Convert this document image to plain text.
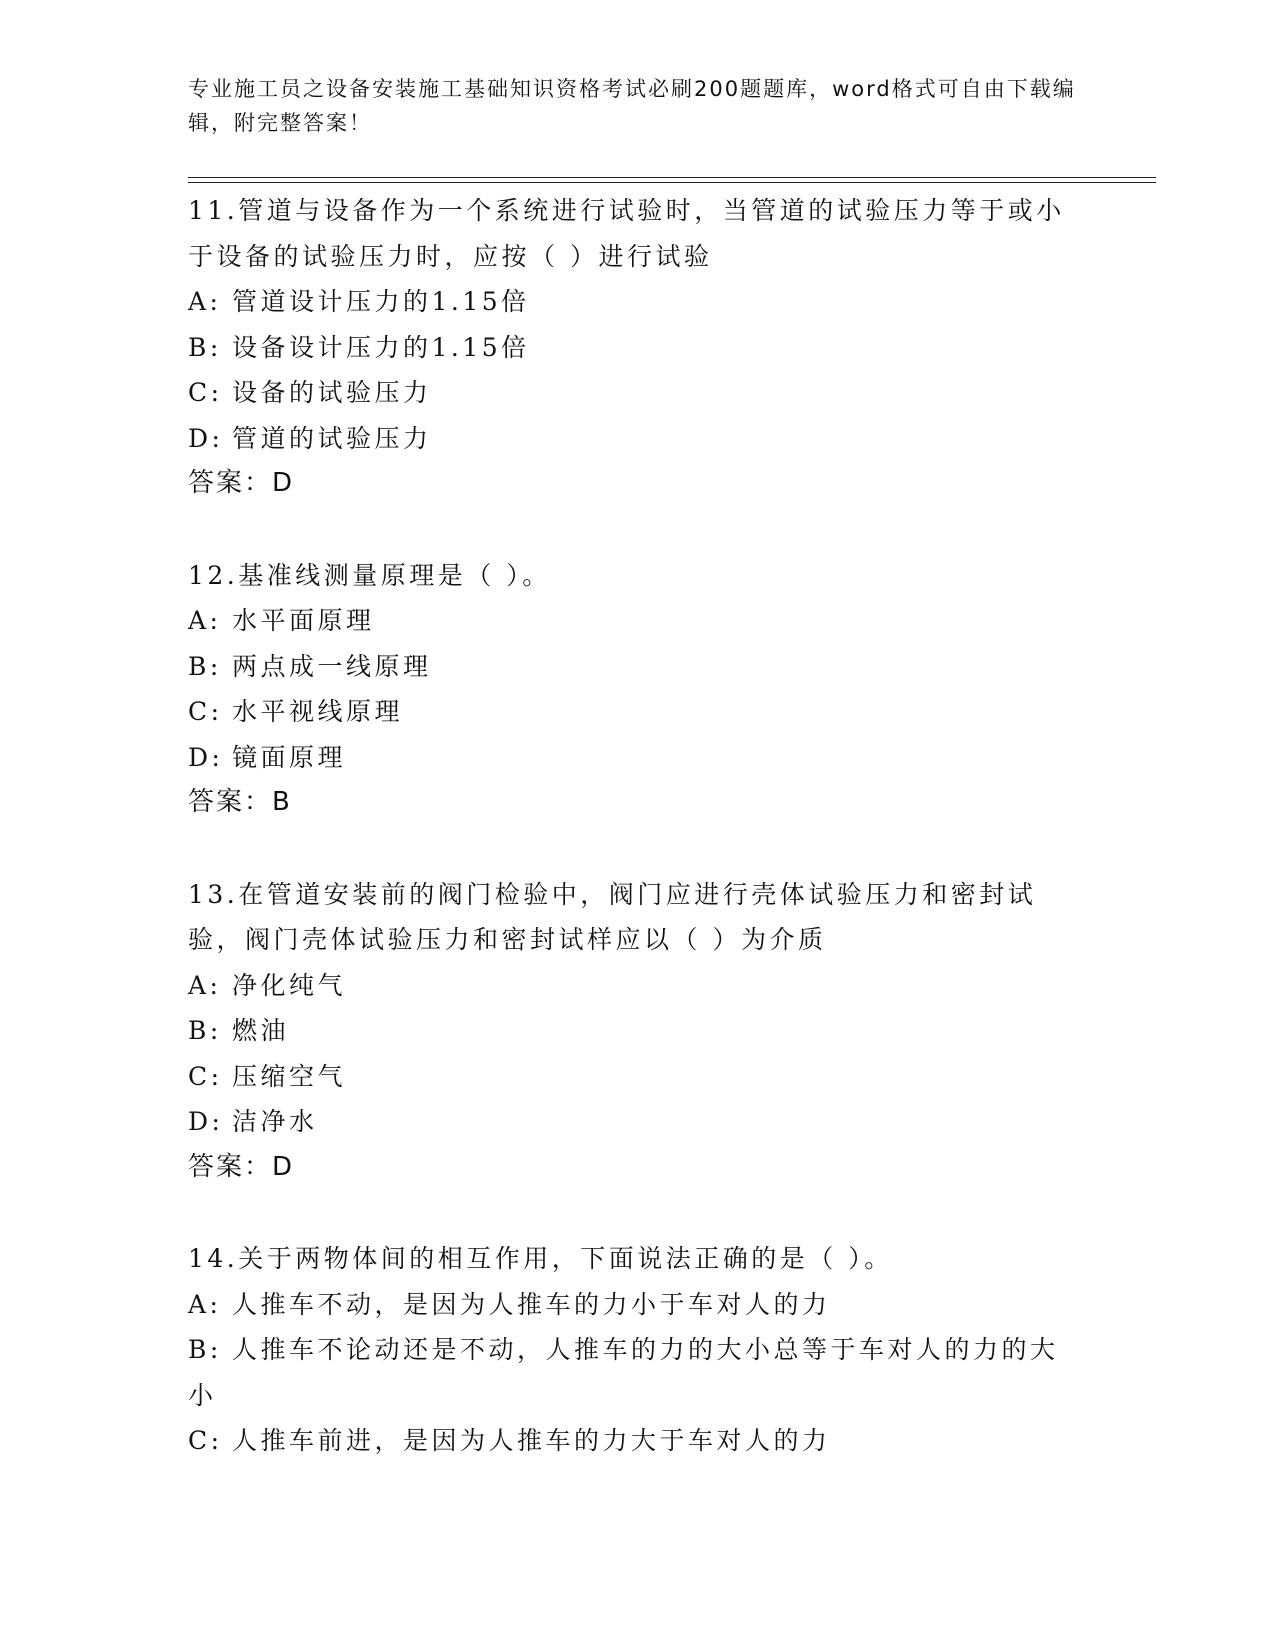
专业施工员之设备安装施工基础知识资格考试必刷200题题库，word格式可自由下载编辑，附完整答案！

11.管道与设备作为一个系统进行试验时，当管道的试验压力等于或小于设备的试验压力时，应按（ ）进行试验

A: 管道设计压力的1.15倍

B: 设备设计压力的1.15倍

C: 设备的试验压力

D: 管道的试验压力

答案：D

12.基准线测量原理是（ ）。

A: 水平面原理

B: 两点成一线原理

C: 水平视线原理

D: 镜面原理

答案：B

13.在管道安装前的阀门检验中，阀门应进行壳体试验压力和密封试验，阀门壳体试验压力和密封试样应以（ ）为介质

A: 净化纯气

B: 燃油

C: 压缩空气

D: 洁净水

答案：D

14.关于两物体间的相互作用，下面说法正确的是（ ）。

A: 人推车不动，是因为人推车的力小于车对人的力

B: 人推车不论动还是不动，人推车的力的大小总等于车对人的力的大小

C: 人推车前进，是因为人推车的力大于车对人的力
